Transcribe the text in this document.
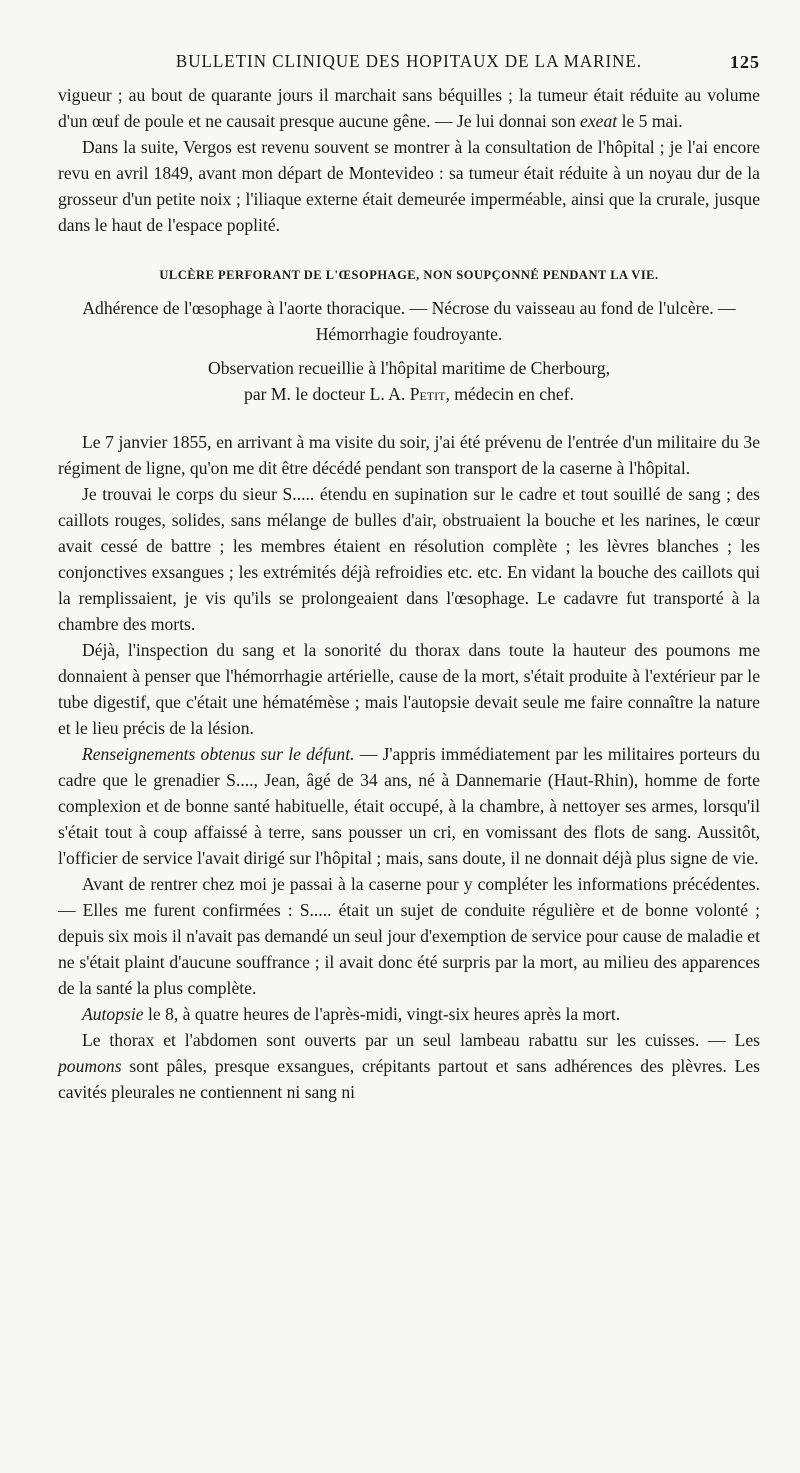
BULLETIN CLINIQUE DES HOPITAUX DE LA MARINE.	125

vigueur ; au bout de quarante jours il marchait sans béquilles ; la tumeur était réduite au volume d'un œuf de poule et ne causait presque aucune gêne. — Je lui donnai son exeat le 5 mai.

Dans la suite, Vergos est revenu souvent se montrer à la consultation de l'hôpital ; je l'ai encore revu en avril 1849, avant mon départ de Montevideo : sa tumeur était réduite à un noyau dur de la grosseur d'un petite noix ; l'iliaque externe était demeurée imperméable, ainsi que la crurale, jusque dans le haut de l'espace poplité.

ULCÈRE PERFORANT DE L'ŒSOPHAGE, NON SOUPÇONNÉ PENDANT LA VIE.
Adhérence de l'œsophage à l'aorte thoracique. — Nécrose du vaisseau au fond de l'ulcère. — Hémorrhagie foudroyante.
Observation recueillie à l'hôpital maritime de Cherbourg,
par M. le docteur L. A. Petit, médecin en chef.

Le 7 janvier 1855, en arrivant à ma visite du soir, j'ai été prévenu de l'entrée d'un militaire du 3e régiment de ligne, qu'on me dit être décédé pendant son transport de la caserne à l'hôpital.

Je trouvai le corps du sieur S..... étendu en supination sur le cadre et tout souillé de sang ; des caillots rouges, solides, sans mélange de bulles d'air, obstruaient la bouche et les narines, le cœur avait cessé de battre ; les membres étaient en résolution complète ; les lèvres blanches ; les conjonctives exsangues ; les extrémités déjà refroidies etc. etc. En vidant la bouche des caillots qui la remplissaient, je vis qu'ils se prolongeaient dans l'œsophage. Le cadavre fut transporté à la chambre des morts.

Déjà, l'inspection du sang et la sonorité du thorax dans toute la hauteur des poumons me donnaient à penser que l'hémorrhagie artérielle, cause de la mort, s'était produite à l'extérieur par le tube digestif, que c'était une hématémèse ; mais l'autopsie devait seule me faire connaître la nature et le lieu précis de la lésion.

Renseignements obtenus sur le défunt. — J'appris immédiatement par les militaires porteurs du cadre que le grenadier S...., Jean, âgé de 34 ans, né à Dannemarie (Haut-Rhin), homme de forte complexion et de bonne santé habituelle, était occupé, à la chambre, à nettoyer ses armes, lorsqu'il s'était tout à coup affaissé à terre, sans pousser un cri, en vomissant des flots de sang. Aussitôt, l'officier de service l'avait dirigé sur l'hôpital ; mais, sans doute, il ne donnait déjà plus signe de vie.

Avant de rentrer chez moi je passai à la caserne pour y compléter les informations précédentes. — Elles me furent confirmées : S..... était un sujet de conduite régulière et de bonne volonté ; depuis six mois il n'avait pas demandé un seul jour d'exemption de service pour cause de maladie et ne s'était plaint d'aucune souffrance ; il avait donc été surpris par la mort, au milieu des apparences de la santé la plus complète.

Autopsie le 8, à quatre heures de l'après-midi, vingt-six heures après la mort.

Le thorax et l'abdomen sont ouverts par un seul lambeau rabattu sur les cuisses. — Les poumons sont pâles, presque exsangues, crépitants partout et sans adhérences des plèvres. Les cavités pleurales ne contiennent ni sang ni
